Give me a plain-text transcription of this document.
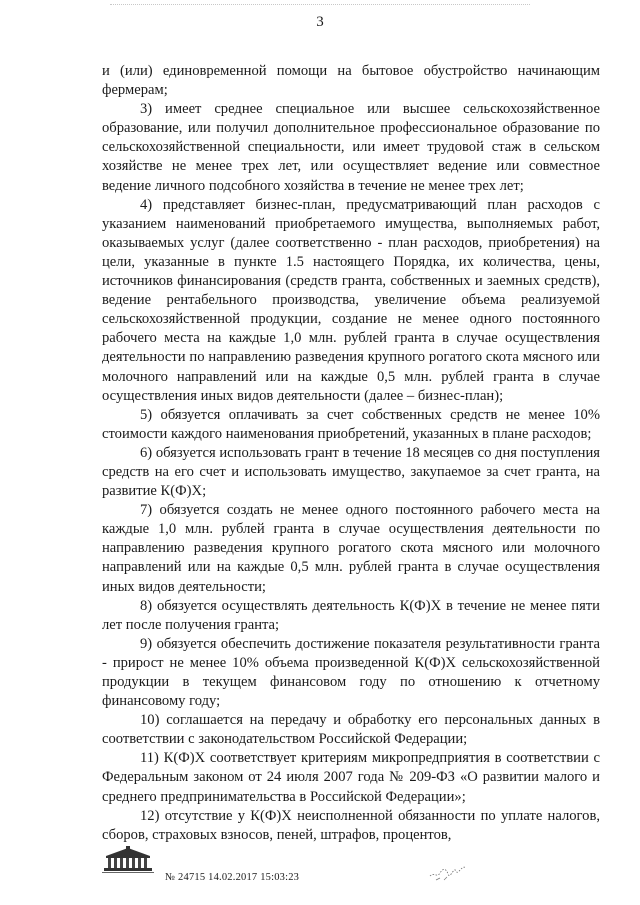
3

и (или) единовременной помощи на бытовое обустройство начинающим фермерам;

3) имеет среднее специальное или высшее сельскохозяйственное образование, или получил дополнительное профессиональное образование по сельскохозяйственной специальности, или имеет трудовой стаж в сельском хозяйстве не менее трех лет, или осуществляет ведение или совместное ведение личного подсобного хозяйства в течение не менее трех лет;

4) представляет бизнес-план, предусматривающий план расходов с указанием наименований приобретаемого имущества, выполняемых работ, оказываемых услуг (далее соответственно - план расходов, приобретения) на цели, указанные в пункте 1.5 настоящего Порядка, их количества, цены, источников финансирования (средств гранта, собственных и заемных средств), ведение рентабельного производства, увеличение объема реализуемой сельскохозяйственной продукции, создание не менее одного постоянного рабочего места на каждые 1,0 млн. рублей гранта в случае осуществления деятельности по направлению разведения крупного рогатого скота мясного или молочного направлений или на каждые 0,5 млн. рублей гранта в случае осуществления иных видов деятельности (далее – бизнес-план);

5) обязуется оплачивать за счет собственных средств не менее 10% стоимости каждого наименования приобретений, указанных в плане расходов;

6) обязуется использовать грант в течение 18 месяцев со дня поступления средств на его счет и использовать имущество, закупаемое за счет гранта, на развитие К(Ф)Х;

7) обязуется создать не менее одного постоянного рабочего места на каждые 1,0 млн. рублей гранта в случае осуществления деятельности по направлению разведения крупного рогатого скота мясного или молочного направлений или на каждые 0,5 млн. рублей гранта в случае осуществления иных видов деятельности;

8) обязуется осуществлять деятельность К(Ф)Х в течение не менее пяти лет после получения гранта;

9) обязуется обеспечить достижение показателя результативности гранта - прирост не менее 10% объема произведенной К(Ф)Х сельскохозяйственной продукции в текущем финансовом году по отношению к отчетному финансовому году;

10) соглашается на передачу и обработку его персональных данных в соответствии с законодательством Российской Федерации;

11) К(Ф)Х соответствует критериям микропредприятия в соответствии с Федеральным законом от 24 июля 2007 года № 209-ФЗ «О развитии малого и среднего предпринимательства в Российской Федерации»;

12) отсутствие у К(Ф)Х неисполненной обязанности по уплате налогов, сборов, страховых взносов, пеней, штрафов, процентов,

№ 24715 14.02.2017 15:03:23
